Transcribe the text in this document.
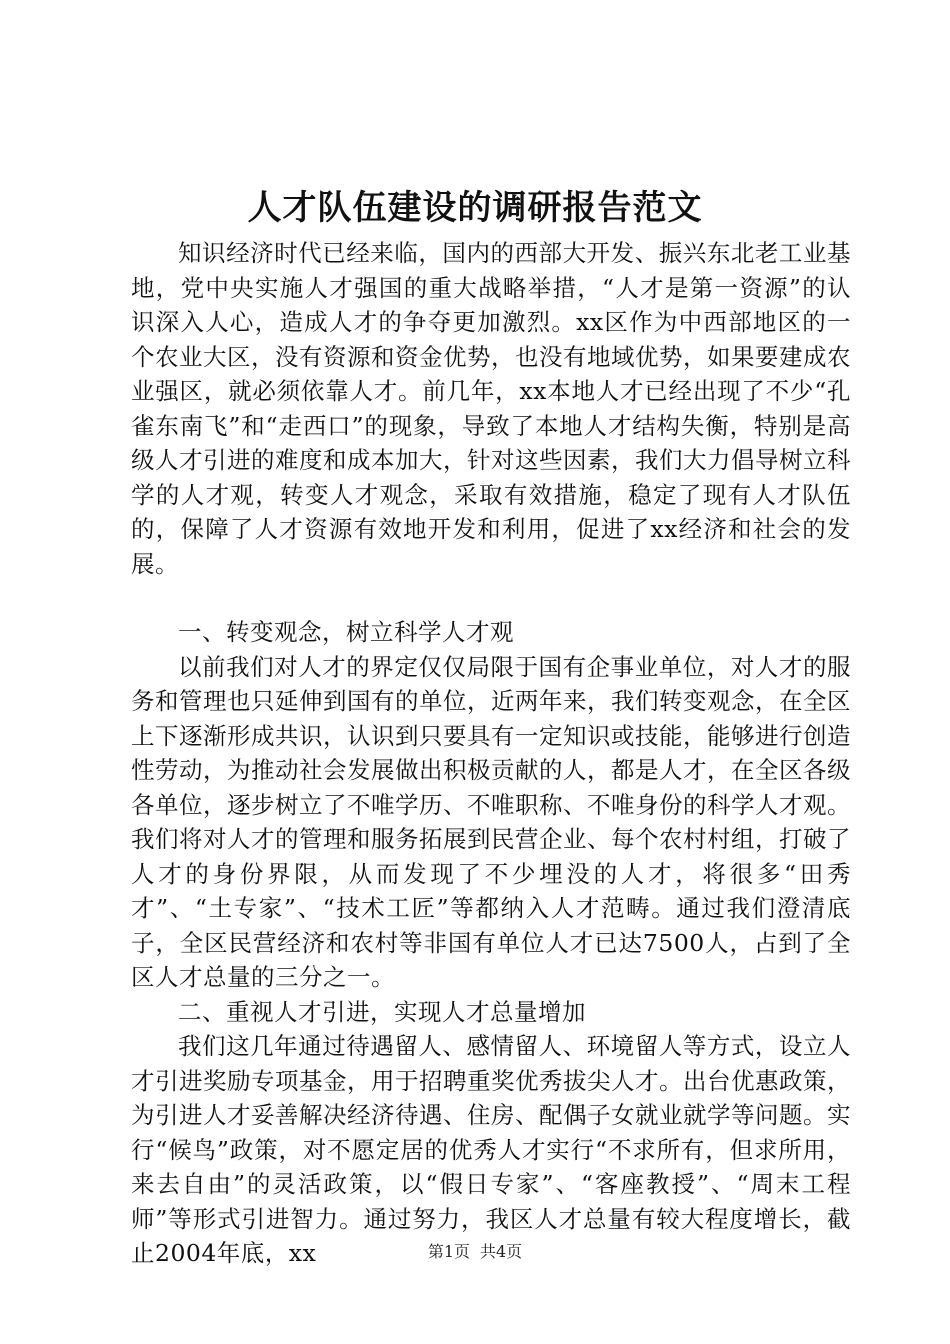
人才队伍建设的调研报告范文

知识经济时代已经来临，国内的西部大开发、振兴东北老工业基地，党中央实施人才强国的重大战略举措，“人才是第一资源”的认识深入人心，造成人才的争夺更加激烈。xx区作为中西部地区的一个农业大区，没有资源和资金优势，也没有地域优势，如果要建成农业强区，就必须依靠人才。前几年，xx本地人才已经出现了不少“孔雀东南飞”和“走西口”的现象，导致了本地人才结构失衡，特别是高级人才引进的难度和成本加大，针对这些因素，我们大力倡导树立科学的人才观，转变人才观念，采取有效措施，稳定了现有人才队伍的，保障了人才资源有效地开发和利用，促进了xx经济和社会的发展。

一、转变观念，树立科学人才观

以前我们对人才的界定仅仅局限于国有企事业单位，对人才的服务和管理也只延伸到国有的单位，近两年来，我们转变观念，在全区上下逐渐形成共识，认识到只要具有一定知识或技能，能够进行创造性劳动，为推动社会发展做出积极贡献的人，都是人才，在全区各级各单位，逐步树立了不唯学历、不唯职称、不唯身份的科学人才观。我们将对人才的管理和服务拓展到民营企业、每个农村村组，打破了人才的身份界限，从而发现了不少埋没的人才，将很多“田秀才”、“土专家”、“技术工匠”等都纳入人才范畴。通过我们澄清底子，全区民营经济和农村等非国有单位人才已达7500人，占到了全区人才总量的三分之一。

二、重视人才引进，实现人才总量增加

我们这几年通过待遇留人、感情留人、环境留人等方式，设立人才引进奖励专项基金，用于招聘重奖优秀拔尖人才。出台优惠政策，为引进人才妥善解决经济待遇、住房、配偶子女就业就学等问题。实行“候鸟”政策，对不愿定居的优秀人才实行“不求所有，但求所用，来去自由”的灵活政策，以“假日专家”、“客座教授”、“周末工程师”等形式引进智力。通过努力，我区人才总量有较大程度增长，截止2004年底，xx	第1页 共4页
